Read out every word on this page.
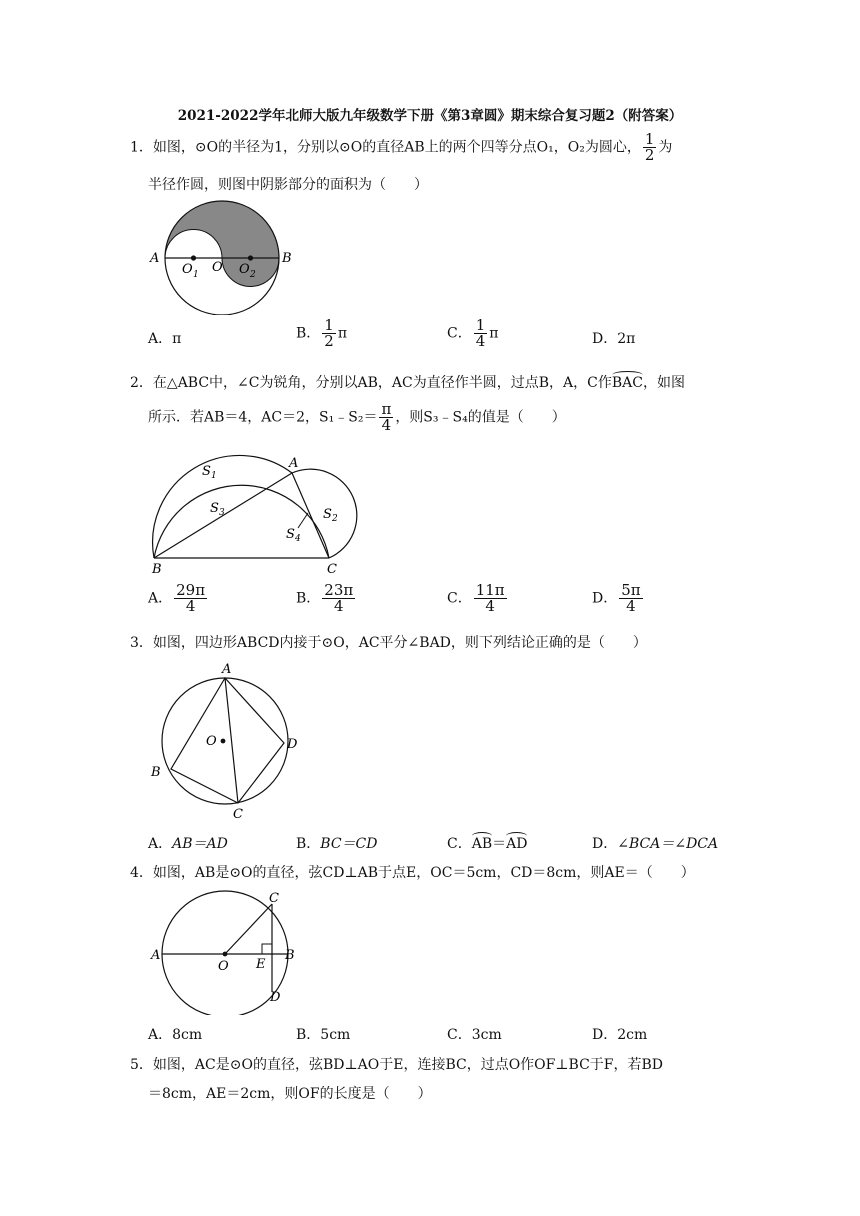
2021-2022学年北师大版九年级数学下册《第3章圆》期末综合复习题2（附答案）
1．如图，⊙O的半径为1，分别以⊙O的直径AB上的两个四等分点O₁，O₂为圆心， $\frac{1}{2}$ 为
半径作圆，则图中阴影部分的面积为（　　）
A	B
O
O 1	O 2
A．π	B． $\frac{1}{2}$ π	C． $\frac{1}{4}$ π	D．2π
2．在△ABC中，∠C为锐角，分别以AB，AC为直径作半圆，过点B，A，C作BAC，如图
所示．若AB＝4，AC＝2，S₁﹣S₂＝ $\frac{\pi}{4}$ ，则S₃﹣S₄的值是（　　）
S 1
S 2
S 3
S 4
A
B	C
A． $\frac{29\pi}{4}$	B． $\frac{23\pi}{4}$	C． $\frac{11\pi}{4}$	D． $\frac{5\pi}{4}$
3．如图，四边形ABCD内接于⊙O，AC平分∠BAD，则下列结论正确的是（　　）
A
B
C
D
O
A．AB＝AD	B．BC＝CD	C．AB＝AD	D．∠BCA＝∠DCA
4．如图，AB是⊙O的直径，弦CD⊥AB于点E，OC＝5cm，CD＝8cm，则AE＝（　　）
A	B
C
D
E
O
A．8cm	B．5cm	C．3cm	D．2cm
5．如图，AC是⊙O的直径，弦BD⊥AO于E，连接BC，过点O作OF⊥BC于F，若BD
＝8cm，AE＝2cm，则OF的长度是（　　）
